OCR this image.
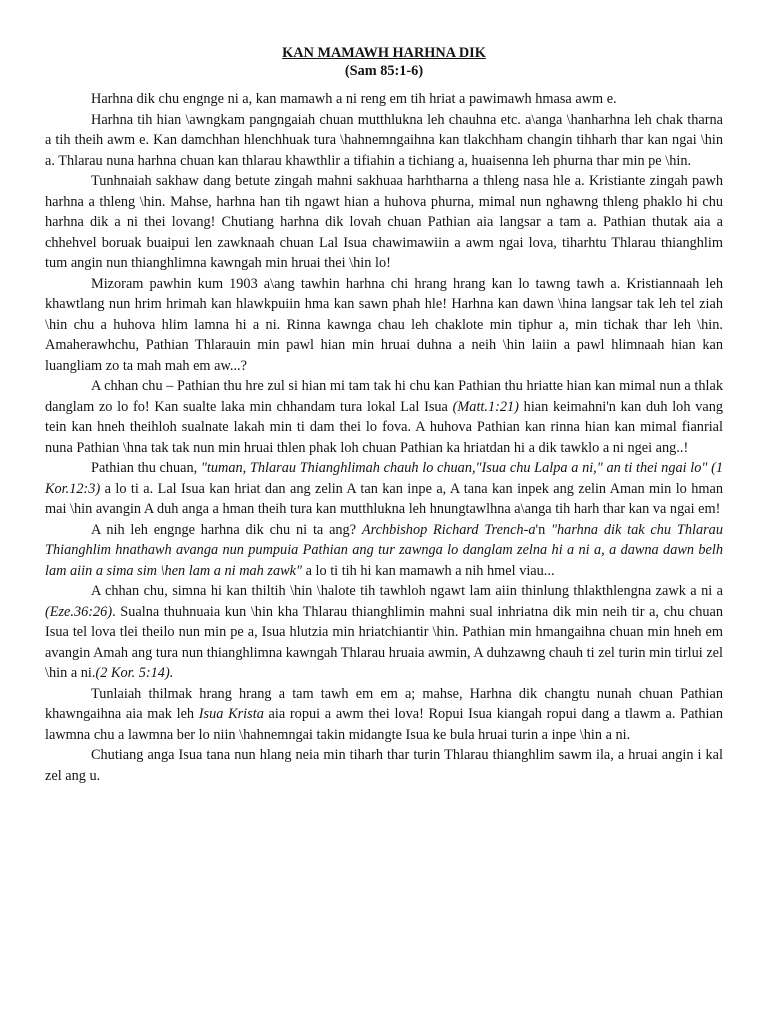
KAN MAMAWH HARHNA DIK
(Sam 85:1-6)

Harhna dik chu engnge ni a, kan mamawh a ni reng em tih hriat a pawimawh hmasa awm e.

Harhna tih hian \awngkam pangngaiah chuan mutthlukna leh chauhna etc. a\anga \hanharhna leh chak tharna a tih theih awm e. Kan damchhan hlenchhuak tura \hahnemngaihna kan tlakchham changin tihharh thar kan ngai \hin a. Thlarau nuna harhna chuan kan thlarau khawthlir a tifiahin a tichiang a, huaisenna leh phurna thar min pe \hin.

Tunhnaiah sakhaw dang betute zingah mahni sakhuaa harhtharna a thleng nasa hle a. Kristiante zingah pawh harhna a thleng \hin. Mahse, harhna han tih ngawt hian a huhova phurna, mimal nun nghawng thleng phaklo hi chu harhna dik a ni thei lovang! Chutiang harhna dik lovah chuan Pathian aia langsar a tam a. Pathian thutak aia a chhehvel boruak buaipui len zawknaah chuan Lal Isua chawimawiin a awm ngai lova, tiharhtu Thlarau thianghlim tum angin nun thianghlimna kawngah min hruai thei \hin lo!

Mizoram pawhin kum 1903 a\ang tawhin harhna chi hrang hrang kan lo tawng tawh a. Kristiannaah leh khawtlang nun hrim hrimah kan hlawkpuiin hma kan sawn phah hle! Harhna kan dawn \hina langsar tak leh tel ziah \hin chu a huhova hlim lamna hi a ni. Rinna kawnga chau leh chaklote min tiphur a, min tichak thar leh \hin. Amaherawhchu, Pathian Thlarauin min pawl hian min hruai duhna a neih \hin laiin a pawl hlimnaah hian kan luangliam zo ta mah mah em aw...?

A chhan chu – Pathian thu hre zul si hian mi tam tak hi chu kan Pathian thu hriatte hian kan mimal nun a thlak danglam zo lo fo! Kan sualte laka min chhandam tura lokal Lal Isua (Matt.1:21) hian keimahni'n kan duh loh vang tein kan hneh theihloh sualnate lakah min ti dam thei lo fova. A huhova Pathian kan rinna hian kan mimal fianrial nuna Pathian \hna tak tak nun min hruai thlen phak loh chuan Pathian ka hriatdan hi a dik tawklo a ni ngei ang..!

Pathian thu chuan, "tuman, Thlarau Thianghlimah chauh lo chuan,"Isua chu Lalpa a ni," an ti thei ngai lo" (1 Kor.12:3) a lo ti a. Lal Isua kan hriat dan ang zelin A tan kan inpe a, A tana kan inpek ang zelin Aman min lo hman mai \hin avangin A duh anga a hman theih tura kan mutthlukna leh hnungtawlhna a\anga tih harh thar kan va ngai em!

A nih leh engnge harhna dik chu ni ta ang? Archbishop Richard Trench-a'n "harhna dik tak chu Thlarau Thianghlim hnathawh avanga nun pumpuia Pathian ang tur zawnga lo danglam zelna hi a ni a, a dawna dawn belh lam aiin a sima sim \hen lam a ni mah zawk" a lo ti tih hi kan mamawh a nih hmel viau...

A chhan chu, simna hi kan thiltih \hin \halote tih tawhloh ngawt lam aiin thinlung thlakthlengna zawk a ni a (Eze.36:26). Sualna thuhnuaia kun \hin kha Thlarau thianghlimin mahni sual inhriatna dik min neih tir a, chu chuan Isua tel lova tlei theilo nun min pe a, Isua hlutzia min hriatchiantir \hin. Pathian min hmangaihna chuan min hneh em avangin Amah ang tura nun thianghlimna kawngah Thlarau hruaia awmin, A duhzawng chauh ti zel turin min tirlui zel \hin a ni.(2 Kor. 5:14).

Tunlaiah thilmak hrang hrang a tam tawh em em a; mahse, Harhna dik changtu nunah chuan Pathian khawngaihna aia mak leh Isua Krista aia ropui a awm thei lova! Ropui Isua kiangah ropui dang a tlawm a. Pathian lawmna chu a lawmna ber lo niin \hahnemngai takin midangte Isua ke bula hruai turin a inpe \hin a ni.

Chutiang anga Isua tana nun hlang neia min tiharh thar turin Thlarau thianghlim sawm ila, a hruai angin i kal zel ang u.
